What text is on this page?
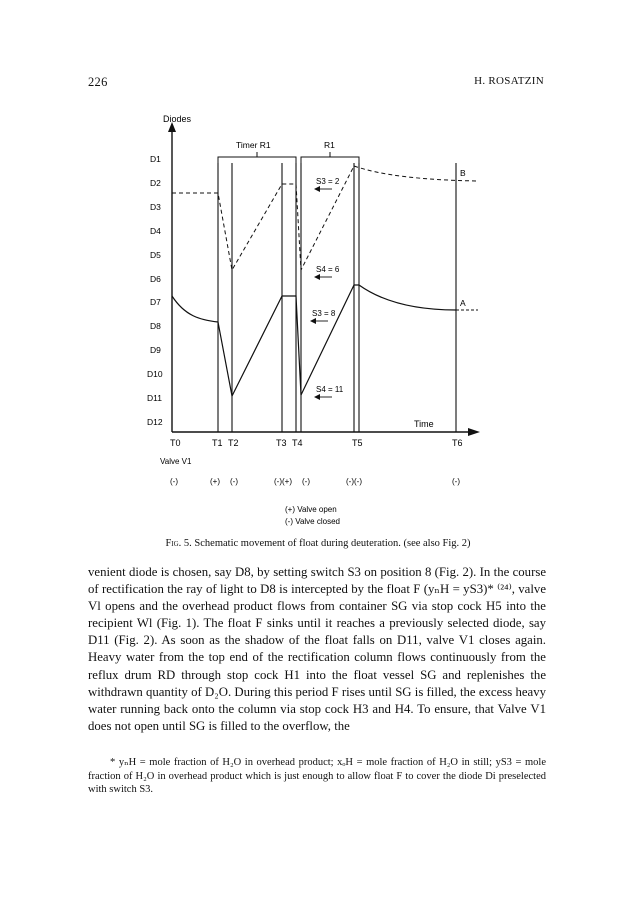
226	H. ROSATZIN
Diodes
Time
D1
D2
D3
D4
D5
D6
D7
D8
D9
D10
D11
D12
Timer R1	R1
S3 = 2
S4 = 6
S3 = 8
S4 = 11
B
A
T0	T1 T2	T3 T4	T5	T6
Valve V1
(-)	(+) (-)	(-)(+) (-)	(-)(-)	(-)
(+) Valve open
(-) Valve closed
Fig. 5. Schematic movement of float during deuteration. (see also Fig. 2)

venient diode is chosen, say D8, by setting switch S3 on position 8 (Fig. 2). In the course of rectification the ray of light to D8 is intercepted by the float F (yₙH = yS3)* ⁽²⁴⁾, valve Vl opens and the overhead product flows from container SG via stop cock H5 into the recipient Wl (Fig. 1). The float F sinks until it reaches a previously selected diode, say D11 (Fig. 2). As soon as the shadow of the float falls on D11, valve V1 closes again. Heavy water from the top end of the rectification column flows continuously from the reflux drum RD through stop cock H1 into the float vessel SG and replenishes the withdrawn quantity of D₂O. During this period F rises until SG is filled, the excess heavy water running back onto the column via stop cock H3 and H4. To ensure, that Valve V1 does not open until SG is filled to the overflow, the

* yₙH = mole fraction of H₂O in overhead product; xₒH = mole fraction of H₂O in still; yS3 = mole fraction of H₂O in overhead product which is just enough to allow float F to cover the diode Di preselected with switch S3.
